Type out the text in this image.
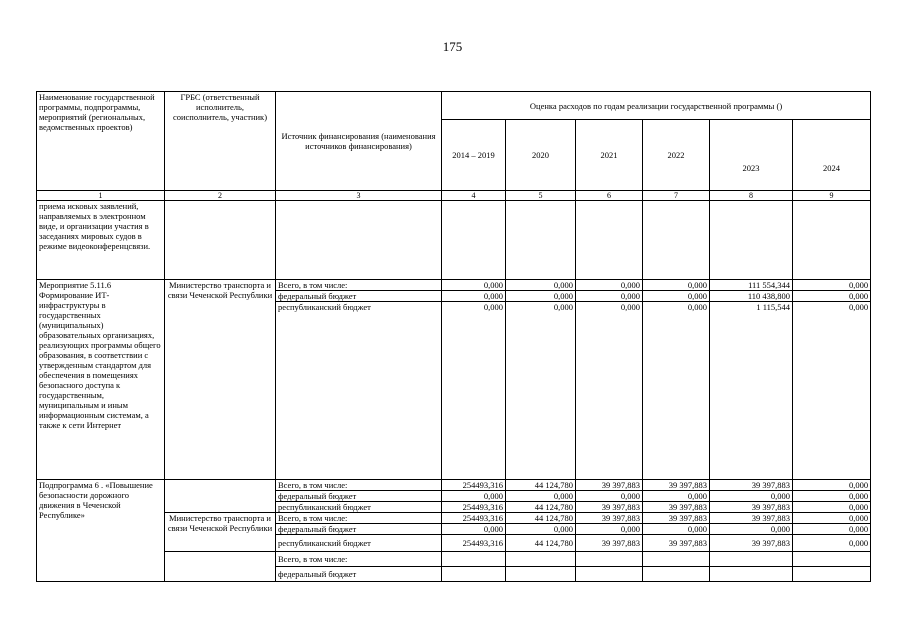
175
Наименование государственной программы, подпрограммы, мероприятий (региональных, ведомственных проектов)	ГРБС (ответственный исполнитель, соисполнитель, участник)	Источник финансирования (наименования источников финансирования)	Оценка расходов по годам реализации государственной программы ()					
			2014 – 2019	2020	2021	2022	2023	2024
1	2	3	4	5	6	7	8	9
приема исковых заявлений, направляемых в электронном виде, и организации участия в заседаниях мировых судов в режиме видеоконференцсвязи.								
Мероприятие 5.11.6 Формирование ИТ-инфраструктуры в государственных (муниципальных) образовательных организациях, реализующих программы общего образования, в соответствии с утвержденным стандартом для обеспечения в помещениях безопасного доступа к государственным, муниципальным и иным информационным системам, а также к сети Интернет	Министерство транспорта и связи Чеченской Республики	Всего, в том числе:	0,000	0,000	0,000	0,000	111 554,344	0,000
		федеральный бюджет	0,000	0,000	0,000	0,000	110 438,800	0,000
		республиканский бюджет	0,000	0,000	0,000	0,000	1 115,544	0,000
Подпрограмма 6 . «Повышение безопасности дорожного движения в Чеченской Республике»		Всего, в том числе:	254493,316	44 124,780	39 397,883	39 397,883	39 397,883	0,000
		федеральный бюджет	0,000	0,000	0,000	0,000	0,000	0,000
		республиканский бюджет	254493,316	44 124,780	39 397,883	39 397,883	39 397,883	0,000
	Министерство транспорта и связи Чеченской Республики	Всего, в том числе:	254493,316	44 124,780	39 397,883	39 397,883	39 397,883	0,000
		федеральный бюджет	0,000	0,000	0,000	0,000	0,000	0,000
		республиканский бюджет	254493,316	44 124,780	39 397,883	39 397,883	39 397,883	0,000
		Всего, в том числе:						
		федеральный бюджет						
